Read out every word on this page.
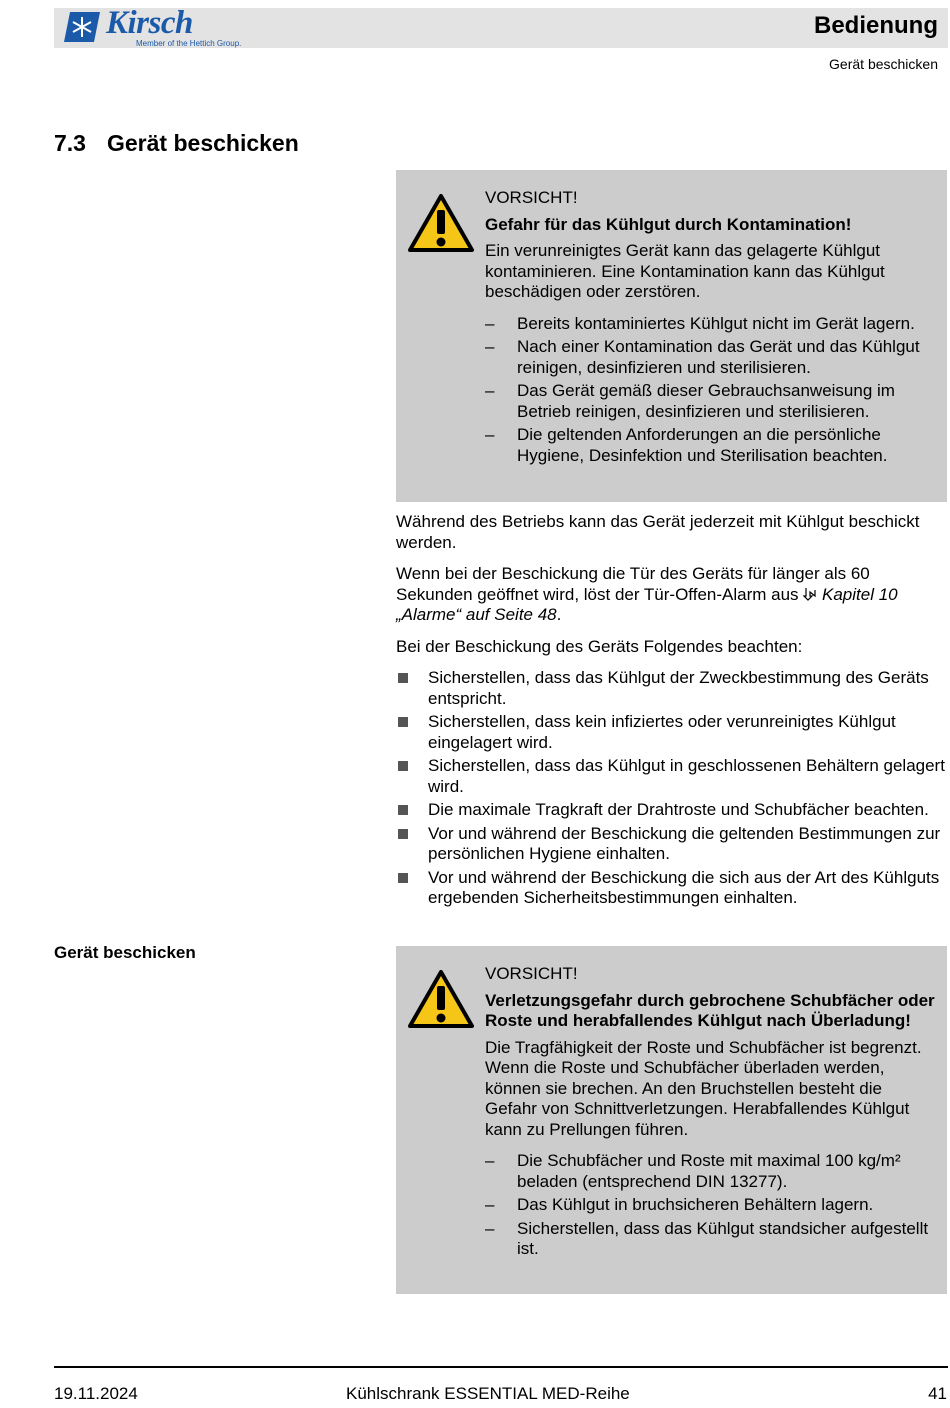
Kirsch
Member of the Hettich Group.
Bedienung
Gerät beschicken
7.3 Gerät beschicken

VORSICHT!

Gefahr für das Kühlgut durch Kontamination!

Ein verunreinigtes Gerät kann das gelagerte Kühlgut kontaminieren. Eine Kontamination kann das Kühlgut beschädigen oder zerstören.

– Bereits kontaminiertes Kühlgut nicht im Gerät lagern.
– Nach einer Kontamination das Gerät und das Kühlgut reinigen, desinfizieren und sterilisieren.
– Das Gerät gemäß dieser Gebrauchsanweisung im Betrieb reinigen, desinfizieren und sterilisieren.
– Die geltenden Anforderungen an die persönliche Hygiene, Desinfektion und Sterilisation beachten.

Während des Betriebs kann das Gerät jederzeit mit Kühlgut beschickt werden.

Wenn bei der Beschickung die Tür des Geräts für länger als 60 Sekunden geöffnet wird, löst der Tür-Offen-Alarm aus Kapitel 10 „Alarme“ auf Seite 48.

Bei der Beschickung des Geräts Folgendes beachten:

Sicherstellen, dass das Kühlgut der Zweckbestimmung des Geräts entspricht.
Sicherstellen, dass kein infiziertes oder verunreinigtes Kühlgut eingelagert wird.
Sicherstellen, dass das Kühlgut in geschlossenen Behältern gelagert wird.
Die maximale Tragkraft der Drahtroste und Schubfächer beachten.
Vor und während der Beschickung die geltenden Bestimmungen zur persönlichen Hygiene einhalten.
Vor und während der Beschickung die sich aus der Art des Kühlguts ergebenden Sicherheitsbestimmungen einhalten.
Gerät beschicken

VORSICHT!

Verletzungsgefahr durch gebrochene Schubfächer oder Roste und herabfallendes Kühlgut nach Überladung!

Die Tragfähigkeit der Roste und Schubfächer ist begrenzt. Wenn die Roste und Schubfächer überladen werden, können sie brechen. An den Bruchstellen besteht die Gefahr von Schnittverletzungen. Herabfallendes Kühlgut kann zu Prellungen führen.

– Die Schubfächer und Roste mit maximal 100 kg/m² beladen (entsprechend DIN 13277).
– Das Kühlgut in bruchsicheren Behältern lagern.
– Sicherstellen, dass das Kühlgut standsicher aufgestellt ist.
19.11.2024	Kühlschrank ESSENTIAL MED-Reihe	41
